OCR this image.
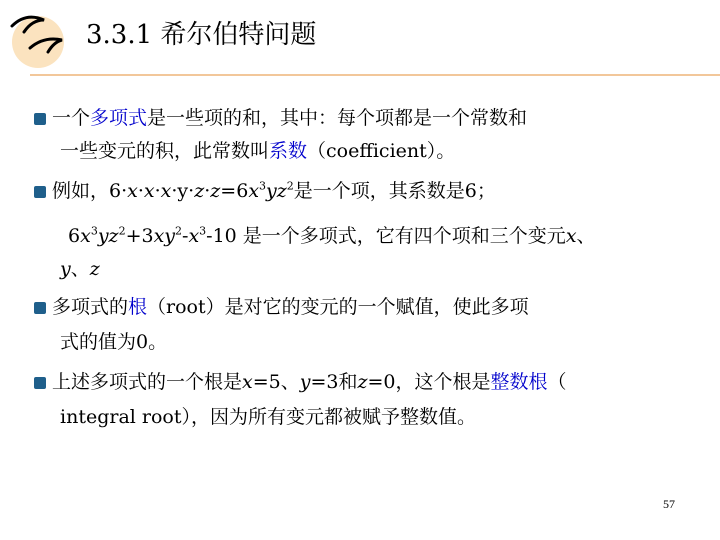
3.3.1 希尔伯特问题
一个多项式是一些项的和，其中：每个项都是一个常数和
一些变元的积，此常数叫系数（coefficient）。
例如，$6\cdot x\cdot x\cdot x\cdot y\cdot z\cdot z=6x^3yz^2$是一个项，其系数是6；
$6x^3yz^2+3xy^2-x^3-10$ 是一个多项式，它有四个项和三个变元x、
y、z
多项式的根（root）是对它的变元的一个赋值，使此多项
式的值为0。
上述多项式的一个根是x=5、y=3和z=0，这个根是整数根（
integral root），因为所有变元都被赋予整数值。
57
